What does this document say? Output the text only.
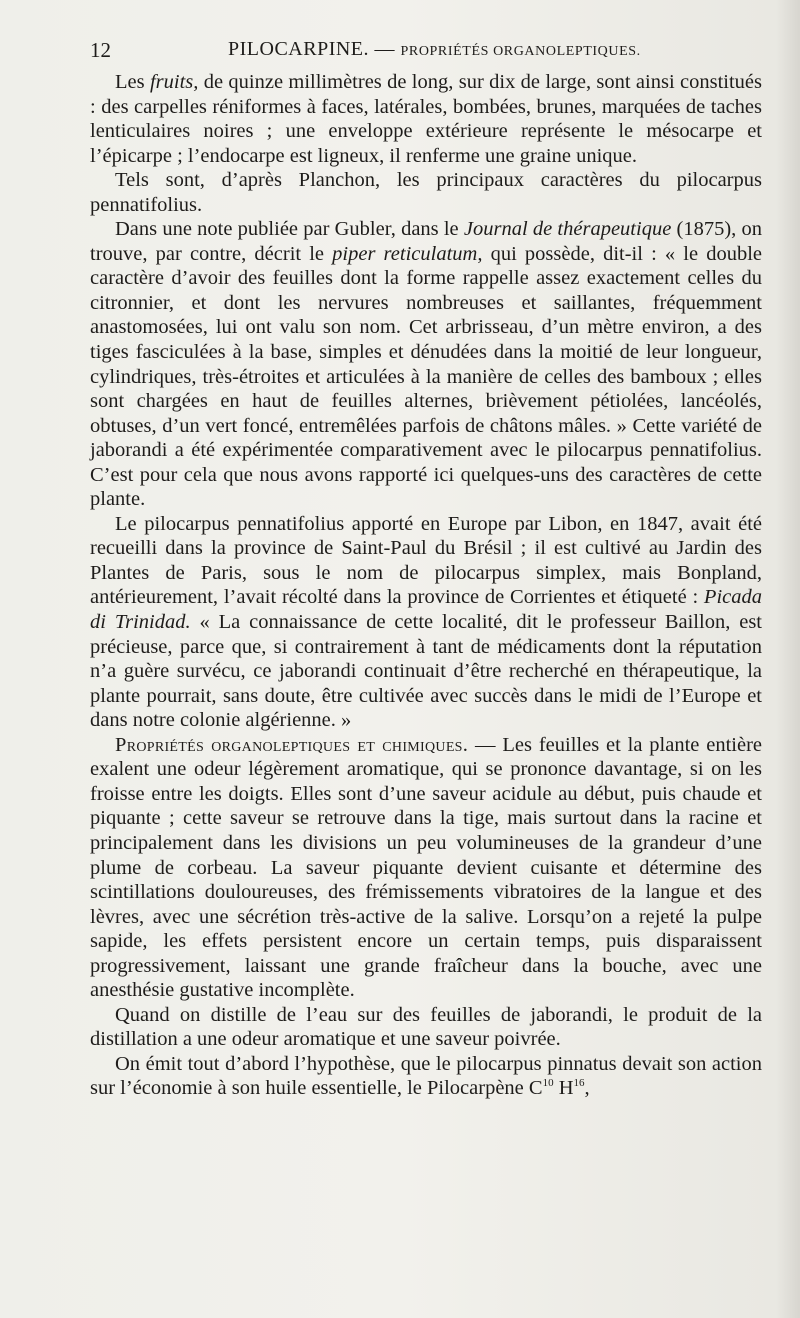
12	PILOCARPINE. — PROPRIÉTÉS ORGANOLEPTIQUES.

Les fruits, de quinze millimètres de long, sur dix de large, sont ainsi constitués : des carpelles réniformes à faces, latérales, bombées, brunes, marquées de taches lenticulaires noires ; une enveloppe extérieure représente le mésocarpe et l’épicarpe ; l’endocarpe est ligneux, il renferme une graine unique.

Tels sont, d’après Planchon, les principaux caractères du pilocarpus pennatifolius.

Dans une note publiée par Gubler, dans le Journal de thérapeutique (1875), on trouve, par contre, décrit le piper reticulatum, qui possède, dit-il : « le double caractère d’avoir des feuilles dont la forme rappelle assez exactement celles du citronnier, et dont les nervures nombreuses et saillantes, fréquemment anastomosées, lui ont valu son nom. Cet arbrisseau, d’un mètre environ, a des tiges fasciculées à la base, simples et dénudées dans la moitié de leur longueur, cylindriques, très-étroites et articulées à la manière de celles des bamboux ; elles sont chargées en haut de feuilles alternes, brièvement pétiolées, lancéolés, obtuses, d’un vert foncé, entremêlées parfois de châtons mâles. » Cette variété de jaborandi a été expérimentée comparativement avec le pilocarpus pennatifolius. C’est pour cela que nous avons rapporté ici quelques-uns des caractères de cette plante.

Le pilocarpus pennatifolius apporté en Europe par Libon, en 1847, avait été recueilli dans la province de Saint-Paul du Brésil ; il est cultivé au Jardin des Plantes de Paris, sous le nom de pilocarpus simplex, mais Bonpland, antérieurement, l’avait récolté dans la province de Corrientes et étiqueté : Picada di Trinidad. « La connaissance de cette localité, dit le professeur Baillon, est précieuse, parce que, si contrairement à tant de médicaments dont la réputation n’a guère survécu, ce jaborandi continuait d’être recherché en thérapeutique, la plante pourrait, sans doute, être cultivée avec succès dans le midi de l’Europe et dans notre colonie algérienne. »

Propriétés organoleptiques et chimiques. — Les feuilles et la plante entière exalent une odeur légèrement aromatique, qui se prononce davantage, si on les froisse entre les doigts. Elles sont d’une saveur acidule au début, puis chaude et piquante ; cette saveur se retrouve dans la tige, mais surtout dans la racine et principalement dans les divisions un peu volumineuses de la grandeur d’une plume de corbeau. La saveur piquante devient cuisante et détermine des scintillations douloureuses, des frémissements vibratoires de la langue et des lèvres, avec une sécrétion très-active de la salive. Lorsqu’on a rejeté la pulpe sapide, les effets persistent encore un certain temps, puis disparaissent progressivement, laissant une grande fraîcheur dans la bouche, avec une anesthésie gustative incomplète.

Quand on distille de l’eau sur des feuilles de jaborandi, le produit de la distillation a une odeur aromatique et une saveur poivrée.

On émit tout d’abord l’hypothèse, que le pilocarpus pinnatus devait son action sur l’économie à son huile essentielle, le Pilocarpène $C^{10}$ $H^{16}$,
